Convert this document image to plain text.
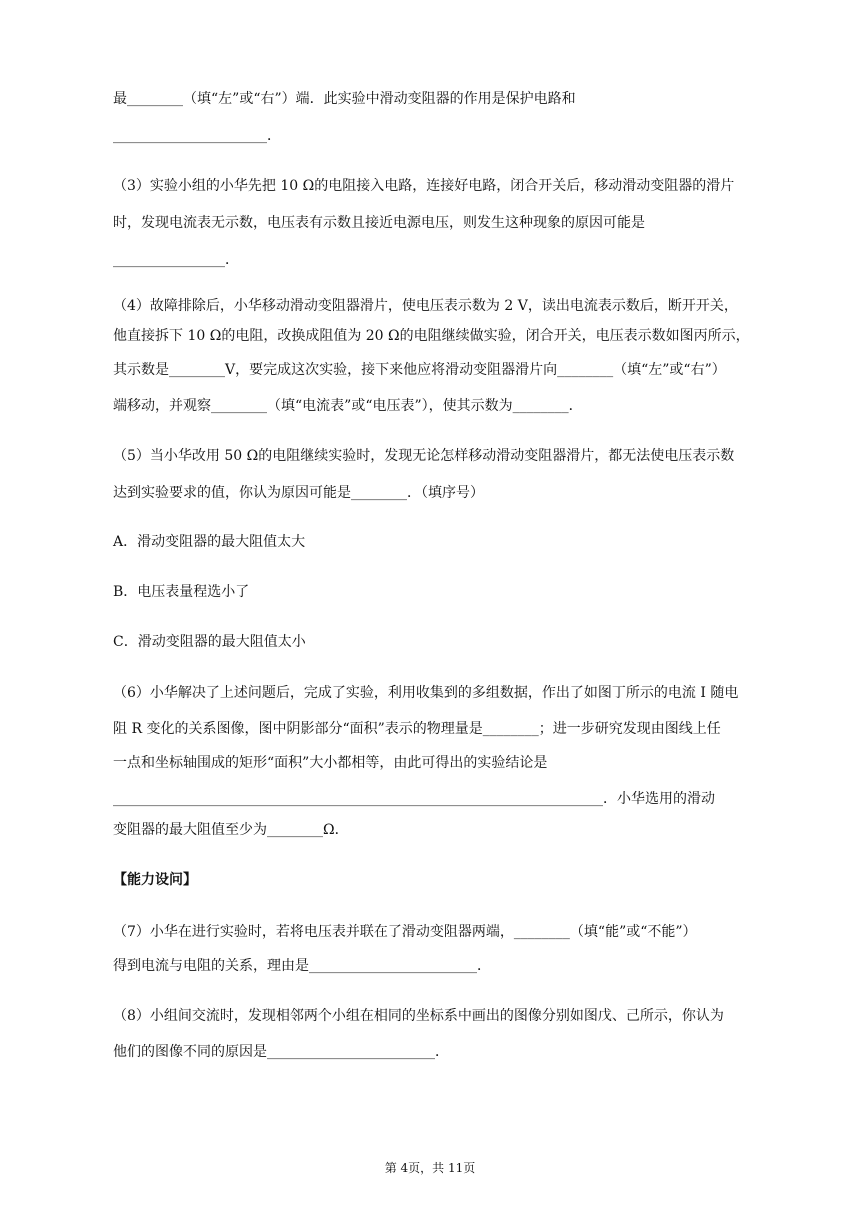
最________（填“左”或“右”）端．此实验中滑动变阻器的作用是保护电路和
______________________．
（3）实验小组的小华先把 10 Ω的电阻接入电路，连接好电路，闭合开关后，移动滑动变阻器的滑片
时，发现电流表无示数，电压表有示数且接近电源电压，则发生这种现象的原因可能是
________________．
（4）故障排除后，小华移动滑动变阻器滑片，使电压表示数为 2 V，读出电流表示数后，断开开关，
他直接拆下 10 Ω的电阻，改换成阻值为 20 Ω的电阻继续做实验，闭合开关，电压表示数如图丙所示，
其示数是________V，要完成这次实验，接下来他应将滑动变阻器滑片向________（填“左”或“右”）
端移动，并观察________（填“电流表”或“电压表”），使其示数为________．
（5）当小华改用 50 Ω的电阻继续实验时，发现无论怎样移动滑动变阻器滑片，都无法使电压表示数
达到实验要求的值，你认为原因可能是________．（填序号）
A．滑动变阻器的最大阻值太大
B．电压表量程选小了
C．滑动变阻器的最大阻值太小
（6）小华解决了上述问题后，完成了实验，利用收集到的多组数据，作出了如图丁所示的电流 I 随电
阻 R 变化的关系图像，图中阴影部分“面积”表示的物理量是________；进一步研究发现由图线上任
一点和坐标轴围成的矩形“面积”大小都相等，由此可得出的实验结论是
______________________________________________________________________．小华选用的滑动
变阻器的最大阻值至少为________Ω．
【能力设问】
（7）小华在进行实验时，若将电压表并联在了滑动变阻器两端，________（填“能”或“不能”）
得到电流与电阻的关系，理由是________________________．
（8）小组间交流时，发现相邻两个小组在相同的坐标系中画出的图像分别如图戊、己所示，你认为
他们的图像不同的原因是________________________．
第 4页，共 11页
